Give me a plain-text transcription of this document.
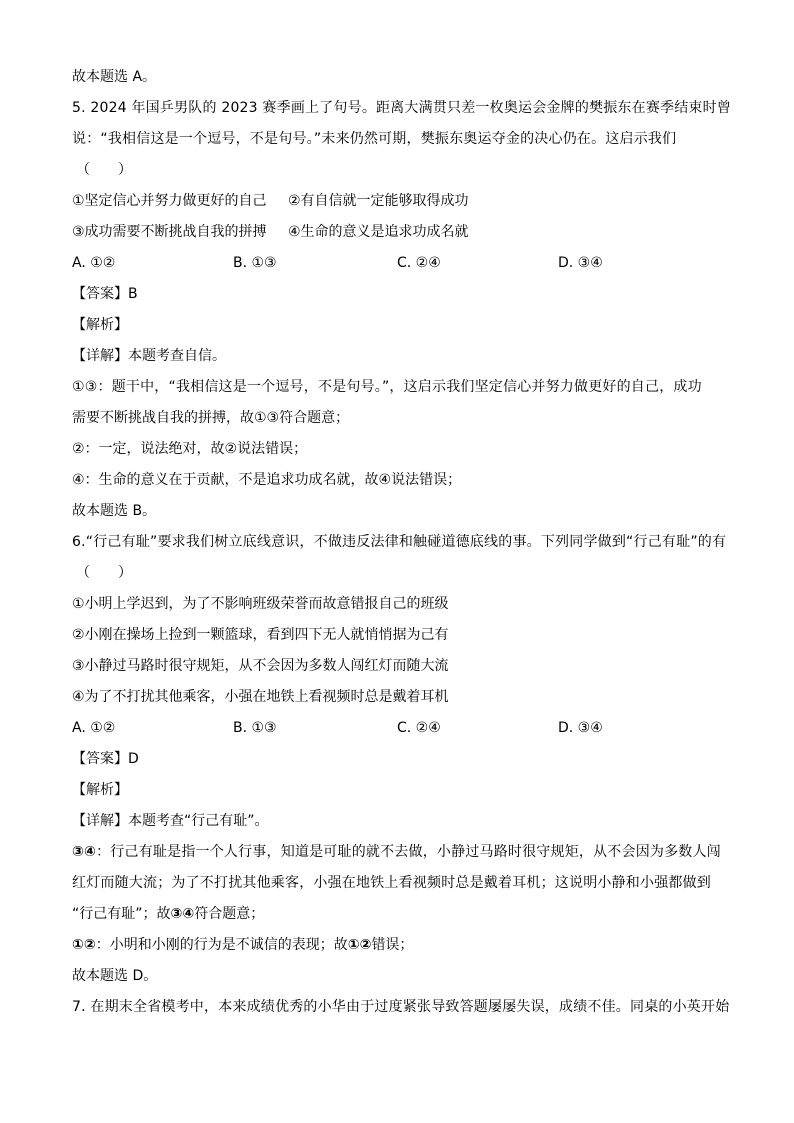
故本题选 A。
5. 2024 年国乒男队的 2023 赛季画上了句号。距离大满贯只差一枚奥运会金牌的樊振东在赛季结束时曾
说：“我相信这是一个逗号，不是句号。”未来仍然可期，樊振东奥运夺金的决心仍在。这启示我们
（　　）
①坚定信心并努力做更好的自己 ②有自信就一定能够取得成功
③成功需要不断挑战自我的拼搏 ④生命的意义是追求功成名就
A. ①②	B. ①③	C. ②④	D. ③④
【答案】B
【解析】
【详解】本题考查自信。
①③：题干中，“我相信这是一个逗号，不是句号。”，这启示我们坚定信心并努力做更好的自己，成功
需要不断挑战自我的拼搏，故①③符合题意；
②：一定，说法绝对，故②说法错误；
④：生命的意义在于贡献，不是追求功成名就，故④说法错误；
故本题选 B。
6.“行己有耻”要求我们树立底线意识，不做违反法律和触碰道德底线的事。下列同学做到“行己有耻”的有
（　　）
①小明上学迟到，为了不影响班级荣誉而故意错报自己的班级
②小刚在操场上捡到一颗篮球，看到四下无人就悄悄据为己有
③小静过马路时很守规矩，从不会因为多数人闯红灯而随大流
④为了不打扰其他乘客，小强在地铁上看视频时总是戴着耳机
A. ①②	B. ①③	C. ②④	D. ③④
【答案】D
【解析】
【详解】本题考查“行己有耻”。
③④：行己有耻是指一个人行事，知道是可耻的就不去做，小静过马路时很守规矩，从不会因为多数人闯
红灯而随大流；为了不打扰其他乘客，小强在地铁上看视频时总是戴着耳机；这说明小静和小强都做到
“行己有耻”；故③④符合题意；
①②：小明和小刚的行为是不诚信的表现；故①②错误；
故本题选 D。
7. 在期末全省模考中，本来成绩优秀的小华由于过度紧张导致答题屡屡失误，成绩不佳。同桌的小英开始
